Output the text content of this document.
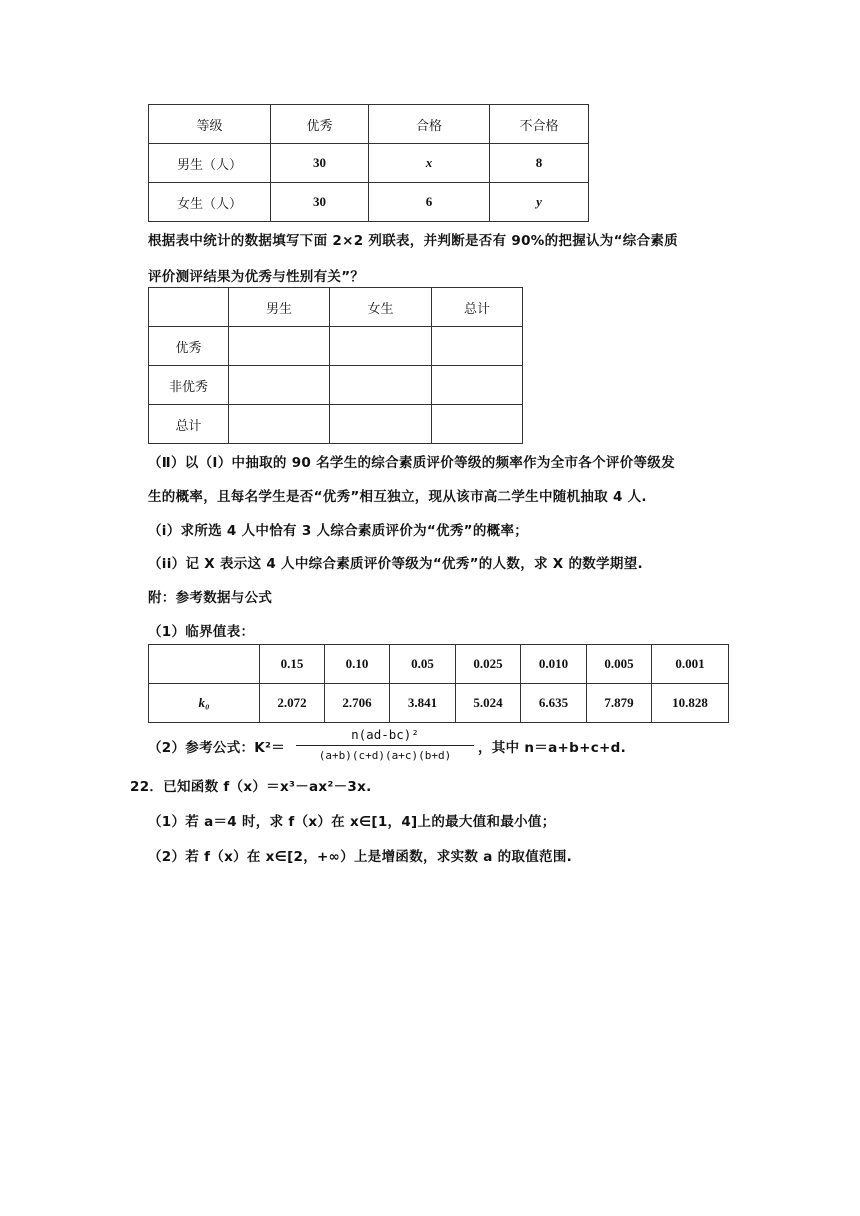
等级	优秀	合格	不合格
男生（人）	30	x	8
女生（人）	30	6	y
根据表中统计的数据填写下面 2×2 列联表，并判断是否有 90%的把握认为“综合素质
评价测评结果为优秀与性别有关”？
	男生	女生	总计
优秀			
非优秀			
总计			
（Ⅱ）以（Ⅰ）中抽取的 90 名学生的综合素质评价等级的频率作为全市各个评价等级发
生的概率，且每名学生是否“优秀”相互独立，现从该市高二学生中随机抽取 4 人.
（i）求所选 4 人中恰有 3 人综合素质评价为“优秀”的概率；
（ii）记 X 表示这 4 人中综合素质评价等级为“优秀”的人数，求 X 的数学期望.
附：参考数据与公式
（1）临界值表：
	0.15	0.10	0.05	0.025	0.010	0.005	0.001
k₀	2.072	2.706	3.841	5.024	6.635	7.879	10.828
（2）参考公式：K²＝
n(ad-bc)²
(a+b)(c+d)(a+c)(b+d)	，其中 n＝a+b+c+d.
22．已知函数 f（x）＝x³－ax²－3x.
（1）若 a＝4 时，求 f（x）在 x∈[1，4]上的最大值和最小值；
（2）若 f（x）在 x∈[2，+∞）上是增函数，求实数 a 的取值范围.
